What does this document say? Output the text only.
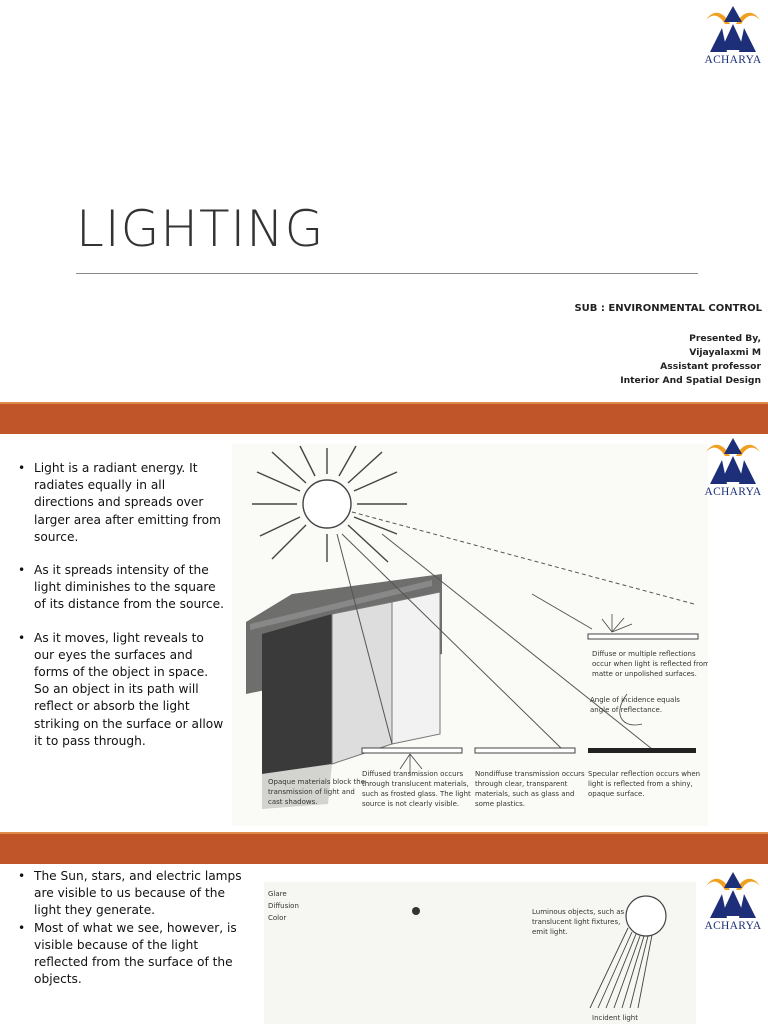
ACHARYA
LIGHTING
SUB : ENVIRONMENTAL CONTROL
Presented By,
Vijayalaxmi M
Assistant professor
Interior And Spatial Design
• Light is a radiant energy. It radiates equally in all directions and spreads over larger area after emitting from source.
• As it spreads intensity of the light diminishes to the square of its distance from the source.
• As it moves, light reveals to our eyes the surfaces and forms of the object in space. So an object in its path will reflect or absorb the light striking on the surface or allow it to pass through.
Diffuse or multiple reflections
occur when light is reflected from
matte or unpolished surfaces.
Angle of incidence equals
angle of reflectance.
Opaque materials block the
transmission of light and
cast shadows.
Diffused transmission occurs
through translucent materials,
such as frosted glass. The light
source is not clearly visible.
Nondiffuse transmission occurs
through clear, transparent
materials, such as glass and
some plastics.
Specular reflection occurs when
light is reflected from a shiny,
opaque surface.
ACHARYA
• The Sun, stars, and electric lamps are visible to us because of the light they generate.
• Most of what we see, however, is visible because of the light reflected from the surface of the objects.
Glare
Diffusion
Color
Luminous objects, such as
translucent light fixtures,
emit light.
Incident light
ACHARYA
